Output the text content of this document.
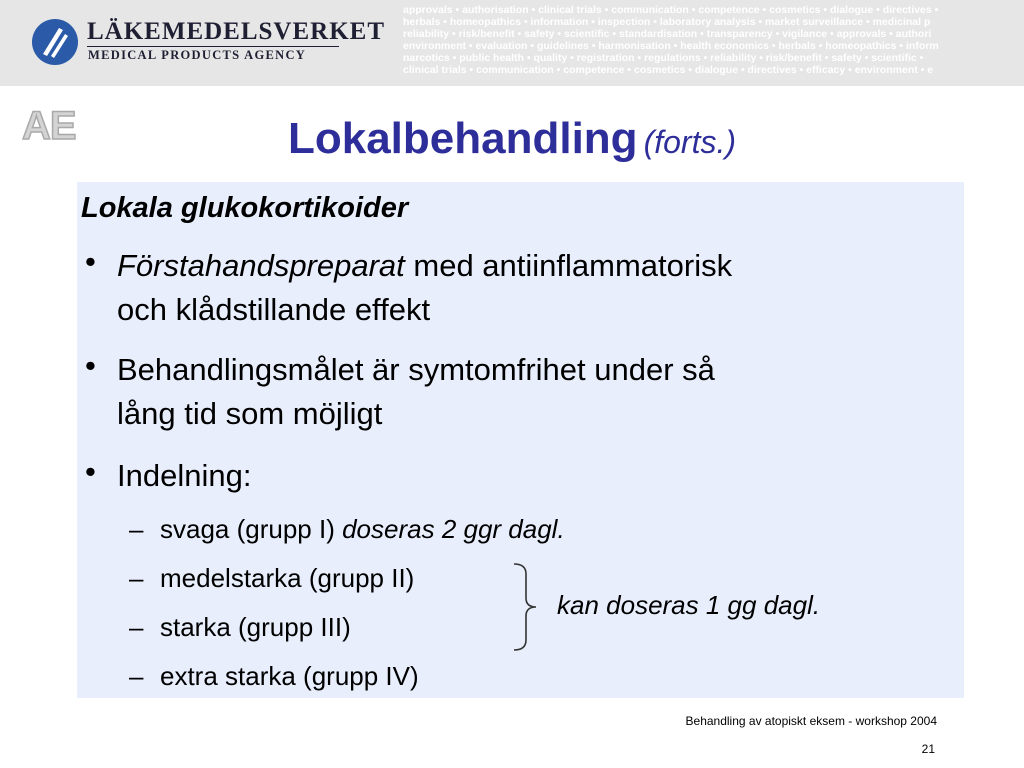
LÄKEMEDELSVERKET
MEDICAL PRODUCTS AGENCY
approvals • authorisation • clinical trials • communication • competence • cosmetics • dialogue • directives •
herbals • homeopathics • information • inspection • laboratory analysis • market surveillance • medicinal p
reliability • risk/benefit • safety • scientific • standardisation • transparency • vigilance • approvals • authori
environment • evaluation • guidelines • harmonisation • health economics • herbals • homeopathics • inform
narcotics • public health • quality • registration • regulations • reliability • risk/benefit • safety • scientific •
clinical trials • communication • competence • cosmetics • dialogue • directives • efficacy • environment • e
AE	Lokalbehandling (forts.)
Lokala glukokortikoider
• Förstahandspreparat med antiinflammatorisk
och klådstillande effekt
• Behandlingsmålet är symtomfrihet under så
lång tid som möjligt
• Indelning:
– svaga (grupp I) doseras 2 ggr dagl.
– medelstarka (grupp II)
– starka (grupp III)
– extra starka (grupp IV)
kan doseras 1 gg dagl.
Behandling av atopiskt eksem - workshop 2004
21
